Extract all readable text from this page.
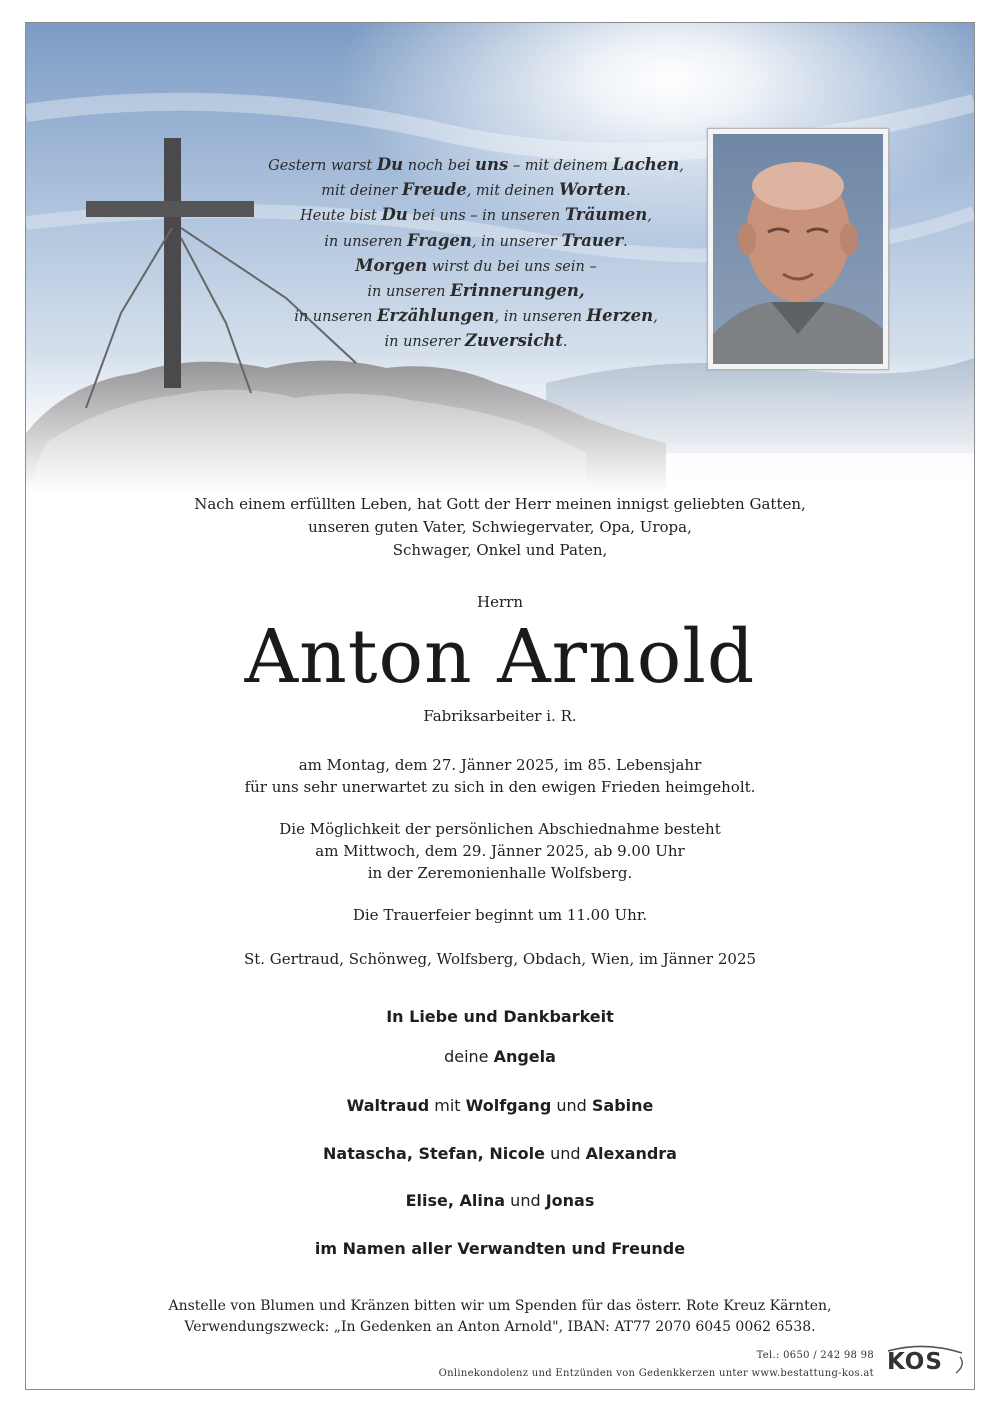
Gestern warst Du noch bei uns – mit deinem Lachen,
mit deiner Freude, mit deinen Worten.
Heute bist Du bei uns – in unseren Träumen,
in unseren Fragen, in unserer Trauer.
Morgen wirst du bei uns sein –
in unseren Erinnerungen,
in unseren Erzählungen, in unseren Herzen,
in unserer Zuversicht.
Nach einem erfüllten Leben, hat Gott der Herr meinen innigst geliebten Gatten,
unseren guten Vater, Schwiegervater, Opa, Uropa,
Schwager, Onkel und Paten,
Herrn
Anton Arnold
Fabriksarbeiter i. R.
am Montag, dem 27. Jänner 2025, im 85. Lebensjahr
für uns sehr unerwartet zu sich in den ewigen Frieden heimgeholt.
Die Möglichkeit der persönlichen Abschiednahme besteht
am Mittwoch, dem 29. Jänner 2025, ab 9.00 Uhr
in der Zeremonienhalle Wolfsberg.
Die Trauerfeier beginnt um 11.00 Uhr.
St. Gertraud, Schönweg, Wolfsberg, Obdach, Wien, im Jänner 2025
In Liebe und Dankbarkeit
deine Angela
Waltraud mit Wolfgang und Sabine
Natascha, Stefan, Nicole und Alexandra
Elise, Alina und Jonas
im Namen aller Verwandten und Freunde
Anstelle von Blumen und Kränzen bitten wir um Spenden für das österr. Rote Kreuz Kärnten,
Verwendungszweck: „In Gedenken an Anton Arnold", IBAN: AT77 2070 6045 0062 6538.
Tel.: 0650 / 242 98 98
Onlinekondolenz und Entzünden von Gedenkkerzen unter www.bestattung-kos.at KOS
